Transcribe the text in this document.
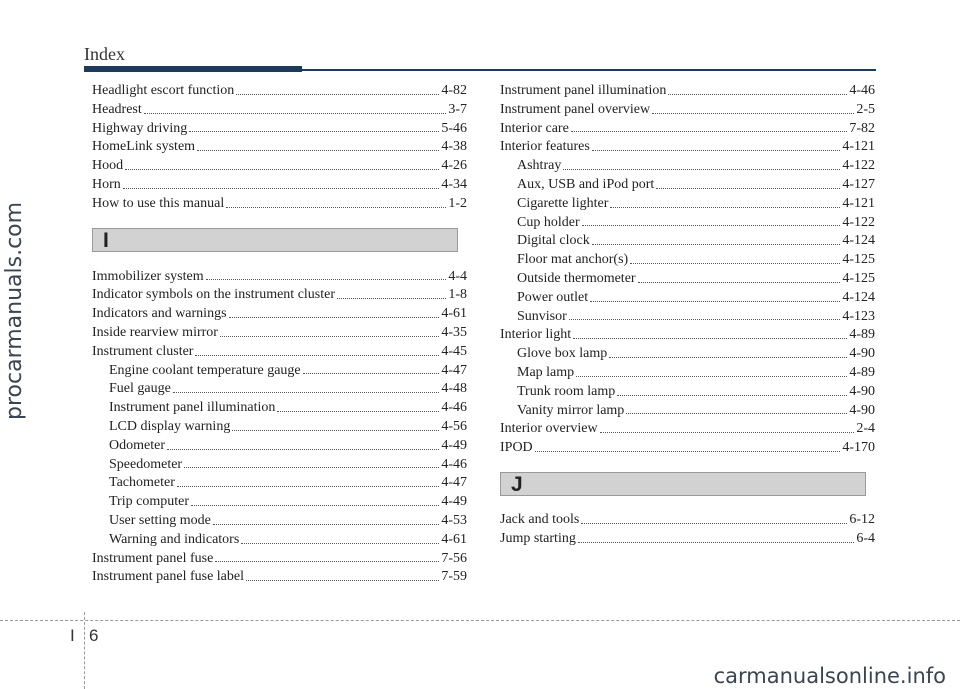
Index
Headlight escort function	4-82
Headrest	3-7
Highway driving	5-46
HomeLink system	4-38
Hood	4-26
Horn	4-34
How to use this manual	1-2
I
Immobilizer system	4-4
Indicator symbols on the instrument cluster	1-8
Indicators and warnings	4-61
Inside rearview mirror	4-35
Instrument cluster	4-45
Engine coolant temperature gauge	4-47
Fuel gauge	4-48
Instrument panel illumination	4-46
LCD display warning	4-56
Odometer	4-49
Speedometer	4-46
Tachometer	4-47
Trip computer	4-49
User setting mode	4-53
Warning and indicators	4-61
Instrument panel fuse	7-56
Instrument panel fuse label	7-59
Instrument panel illumination	4-46
Instrument panel overview	2-5
Interior care	7-82
Interior features	4-121
Ashtray	4-122
Aux, USB and iPod port	4-127
Cigarette lighter	4-121
Cup holder	4-122
Digital clock	4-124
Floor mat anchor(s)	4-125
Outside thermometer	4-125
Power outlet	4-124
Sunvisor	4-123
Interior light	4-89
Glove box lamp	4-90
Map lamp	4-89
Trunk room lamp	4-90
Vanity mirror lamp	4-90
Interior overview	2-4
IPOD	4-170
J
Jack and tools	6-12
Jump starting	6-4
procarmanuals.com
I 6
carmanualsonline.info
